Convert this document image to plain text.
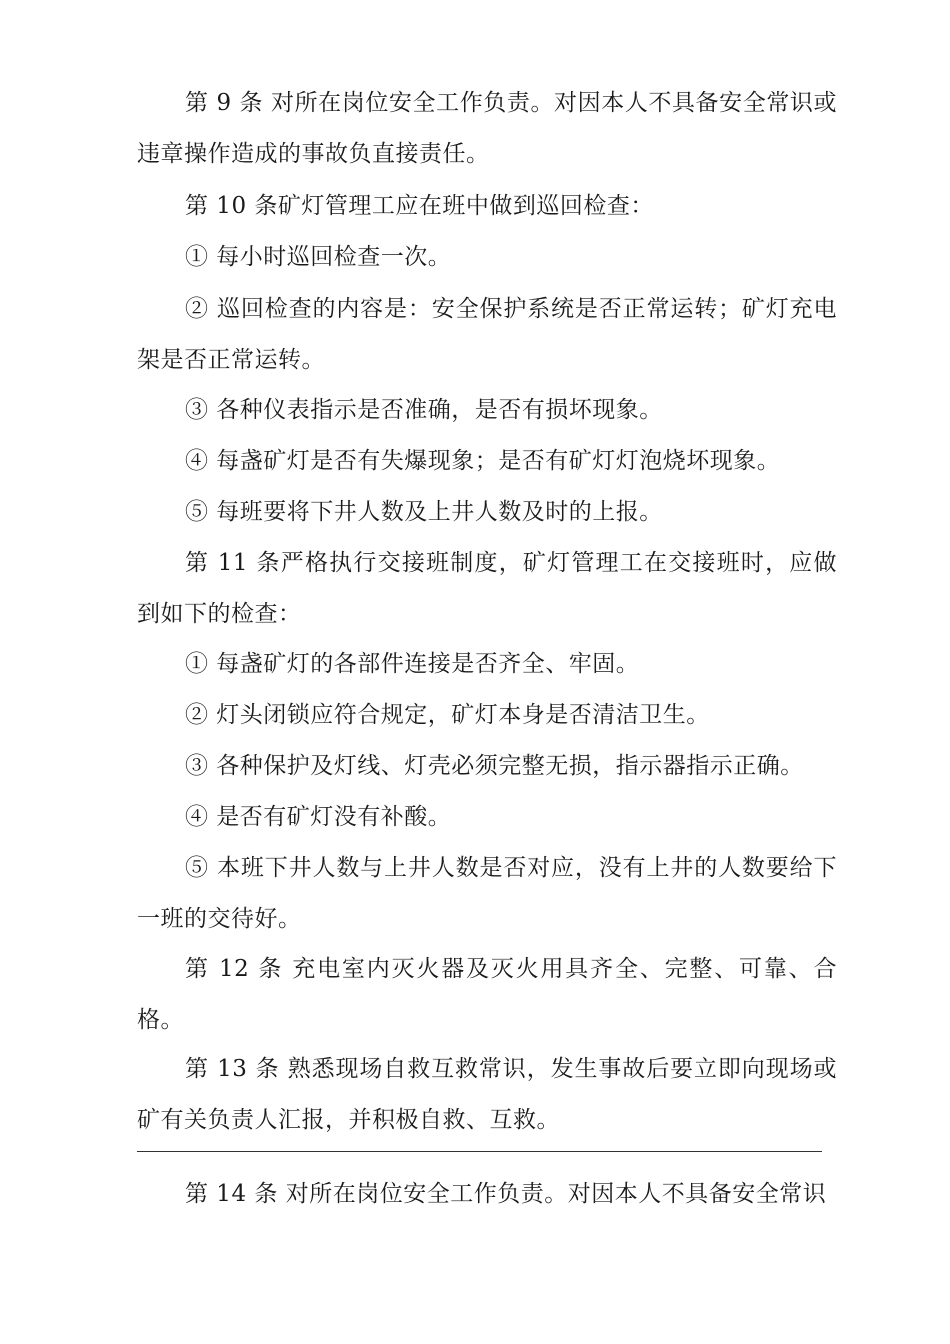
第 9 条 对所在岗位安全工作负责。对因本人不具备安全常识或违章操作造成的事故负直接责任。

第 10 条矿灯管理工应在班中做到巡回检查：

① 每小时巡回检查一次。

② 巡回检查的内容是：安全保护系统是否正常运转；矿灯充电架是否正常运转。

③ 各种仪表指示是否准确，是否有损坏现象。

④ 每盏矿灯是否有失爆现象；是否有矿灯灯泡烧坏现象。

⑤ 每班要将下井人数及上井人数及时的上报。

第 11 条严格执行交接班制度，矿灯管理工在交接班时，应做到如下的检查：

① 每盏矿灯的各部件连接是否齐全、牢固。

② 灯头闭锁应符合规定，矿灯本身是否清洁卫生。

③ 各种保护及灯线、灯壳必须完整无损，指示器指示正确。

④ 是否有矿灯没有补酸。

⑤ 本班下井人数与上井人数是否对应，没有上井的人数要给下一班的交待好。

第 12 条 充电室内灭火器及灭火用具齐全、完整、可靠、合格。

第 13 条 熟悉现场自救互救常识，发生事故后要立即向现场或矿有关负责人汇报，并积极自救、互救。

第 14 条 对所在岗位安全工作负责。对因本人不具备安全常识
